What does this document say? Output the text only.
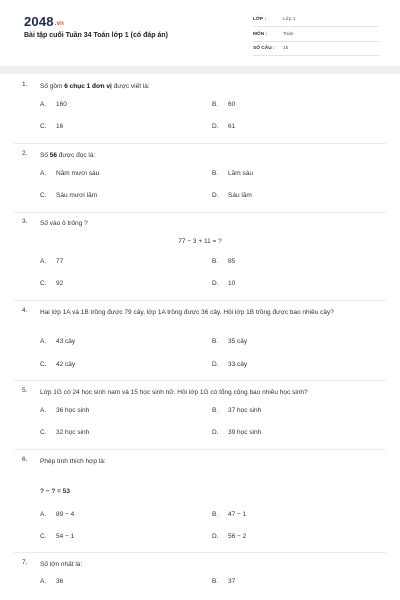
2048.vn
Bài tập cuối Tuần 34 Toán lớp 1 (có đáp án)
LỚP :	Lớp 1
MÔN :	Toán
SỐ CÂU : 15
1. Số gồm 6 chục 1 đơn vị được viết là:
A.	160	B.	60
C.	16	D.	61
2. Số 56 được đọc là:
A.	Năm mươi sáu	B.	Lăm sáu
C.	Sáu mươi lăm	D.	Sáu lăm
3. Số vào ô trống ?
77 − 3 + 11 = ?
A.	77	B.	85
C.	92	D.	10
4. Hai lớp 1A và 1B trồng được 79 cây, lớp 1A trồng được 36 cây. Hỏi lớp 1B trồng được bao nhiêu cây?
A.	43 cây	B.	35 cây
C.	42 cây	D.	33 cây
5. Lớp 1G có 24 học sinh nam và 15 học sinh nữ. Hỏi lớp 1G có tổng cộng bao nhiêu học sinh?
A.	36 học sinh	B.	37 học sinh
C.	32 học sinh	D.	39 học sinh
6. Phép tính thích hợp là:
? − ? = 53
A.	89 − 4	B.	47 − 1
C.	54 − 1	D.	56 − 2
7. Số lớn nhất là:
A.	36	B.	37
